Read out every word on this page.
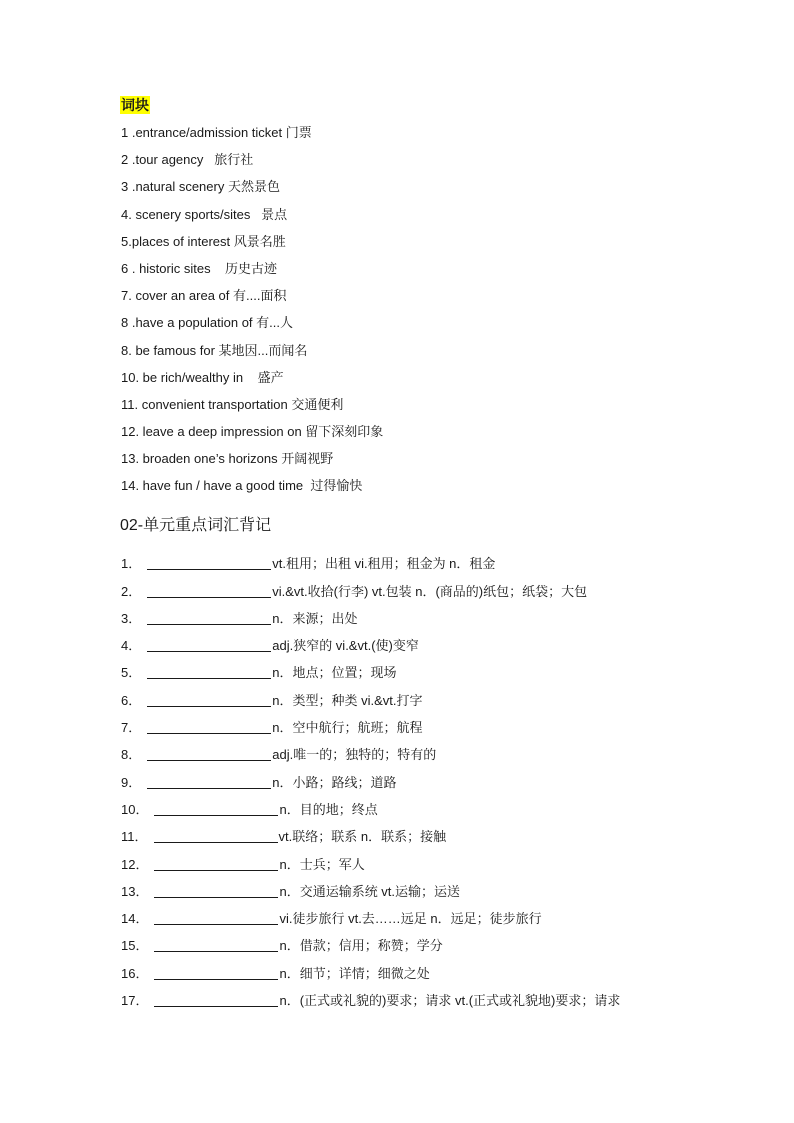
词块
1 .entrance/admission ticket 门票
2 .tour agency   旅行社
3 .natural scenery 天然景色
4. scenery sports/sites   景点
5.places of interest 风景名胜
6 . historic sites    历史古迹
7. cover an area of 有....面积
8 .have a population of 有...人
8. be famous for 某地因...而闻名
10. be rich/wealthy in    盛产
11. convenient transportation 交通便利
12. leave a deep impression on 留下深刻印象
13. broaden one’s horizons 开阔视野
14. have fun / have a good time  过得愉快
02-单元重点词汇背记
1．	vt.租用；出租 vi.租用；租金为 n．租金
2．	vi.&vt.收拾(行李) vt.包装 n．(商品的)纸包；纸袋；大包
3．	n．来源；出处
4．	adj.狭窄的 vi.&vt.(使)变窄
5．	n．地点；位置；现场
6．	n．类型；种类 vi.&vt.打字
7．	n．空中航行；航班；航程
8．	adj.唯一的；独特的；特有的
9．	n．小路；路线；道路
10．	n．目的地；终点
11．	vt.联络；联系 n．联系；接触
12．	n．士兵；军人
13．	n．交通运输系统 vt.运输；运送
14．	vi.徒步旅行 vt.去……远足 n．远足；徒步旅行
15．	n．借款；信用；称赞；学分
16．	n．细节；详情；细微之处
17．	n．(正式或礼貌的)要求；请求 vt.(正式或礼貌地)要求；请求
